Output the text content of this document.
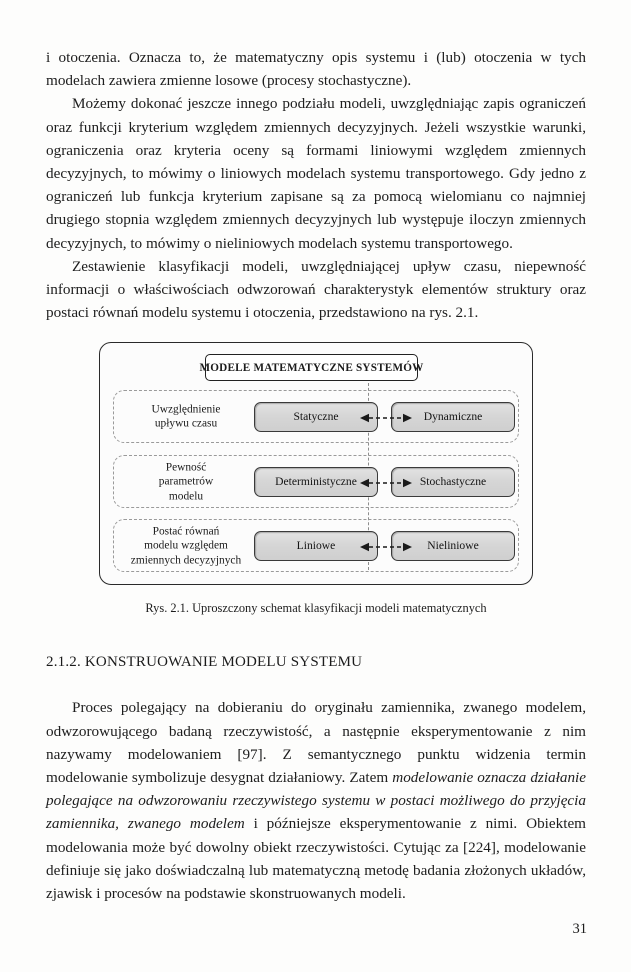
i otoczenia. Oznacza to, że matematyczny opis systemu i (lub) otoczenia w tych modelach zawiera zmienne losowe (procesy stochastyczne).

Możemy dokonać jeszcze innego podziału modeli, uwzględniając zapis ograniczeń oraz funkcji kryterium względem zmiennych decyzyjnych. Jeżeli wszystkie warunki, ograniczenia oraz kryteria oceny są formami liniowymi względem zmiennych decyzyjnych, to mówimy o liniowych modelach systemu transportowego. Gdy jedno z ograniczeń lub funkcja kryterium zapisane są za pomocą wielomianu co najmniej drugiego stopnia względem zmiennych decyzyjnych lub występuje iloczyn zmiennych decyzyjnych, to mówimy o nieliniowych modelach systemu transportowego.

Zestawienie klasyfikacji modeli, uwzględniającej upływ czasu, niepewność informacji o właściwościach odwzorowań charakterystyk elementów struktury oraz postaci równań modelu systemu i otoczenia, przedstawiono na rys. 2.1.

MODELE MATEMATYCZNE SYSTEMÓW
Uwzględnienie
upływu czasu
Statyczne	Dynamiczne
Pewność
parametrów
modelu
Deterministyczne	Stochastyczne
Postać równań
modelu względem
zmiennych decyzyjnych
Liniowe	Nieliniowe
Rys. 2.1. Uproszczony schemat klasyfikacji modeli matematycznych
2.1.2. KONSTRUOWANIE MODELU SYSTEMU

Proces polegający na dobieraniu do oryginału zamiennika, zwanego modelem, odwzorowującego badaną rzeczywistość, a następnie eksperymentowanie z nim nazywamy modelowaniem [97]. Z semantycznego punktu widzenia termin modelowanie symbolizuje desygnat działaniowy. Zatem modelowanie oznacza działanie polegające na odwzorowaniu rzeczywistego systemu w postaci możliwego do przyjęcia zamiennika, zwanego modelem i późniejsze eksperymentowanie z nimi. Obiektem modelowania może być dowolny obiekt rzeczywistości. Cytując za [224], modelowanie definiuje się jako doświadczalną lub matematyczną metodę badania złożonych układów, zjawisk i procesów na podstawie skonstruowanych modeli.

31
